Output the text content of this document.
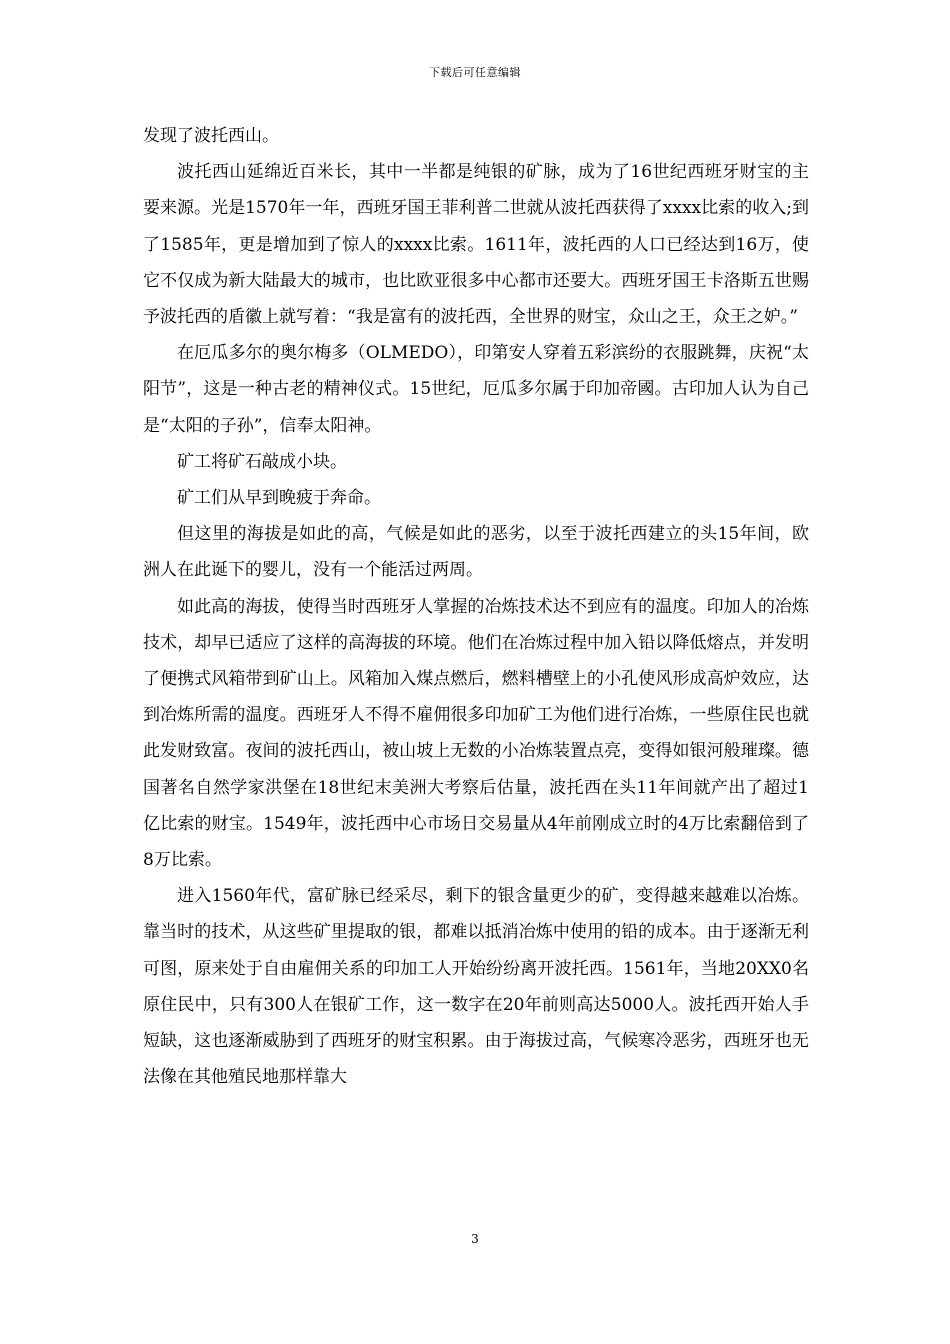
下载后可任意编辑

发现了波托西山。

波托西山延绵近百米长，其中一半都是纯银的矿脉，成为了16世纪西班牙财宝的主要来源。光是1570年一年，西班牙国王菲利普二世就从波托西获得了xxxx比索的收入;到了1585年，更是增加到了惊人的xxxx比索。1611年，波托西的人口已经达到16万，使它不仅成为新大陆最大的城市，也比欧亚很多中心都市还要大。西班牙国王卡洛斯五世赐予波托西的盾徽上就写着：“我是富有的波托西，全世界的财宝，众山之王，众王之妒。”

在厄瓜多尔的奥尔梅多（OLMEDO），印第安人穿着五彩滨纷的衣服跳舞，庆祝“太阳节”，这是一种古老的精神仪式。15世纪，厄瓜多尔属于印加帝國。古印加人认为自己是“太阳的子孙”，信奉太阳神。

矿工将矿石敲成小块。

矿工们从早到晚疲于奔命。

但这里的海拔是如此的高，气候是如此的恶劣，以至于波托西建立的头15年间，欧洲人在此诞下的婴儿，没有一个能活过两周。

如此高的海拔，使得当时西班牙人掌握的冶炼技术达不到应有的温度。印加人的冶炼技术，却早已适应了这样的高海拔的环境。他们在冶炼过程中加入铅以降低熔点，并发明了便携式风箱带到矿山上。风箱加入煤点燃后，燃料槽壁上的小孔使风形成高炉效应，达到冶炼所需的温度。西班牙人不得不雇佣很多印加矿工为他们进行冶炼，一些原住民也就此发财致富。夜间的波托西山，被山坡上无数的小冶炼装置点亮，变得如银河般璀璨。德国著名自然学家洪堡在18世纪末美洲大考察后估量，波托西在头11年间就产出了超过1亿比索的财宝。1549年，波托西中心市场日交易量从4年前刚成立时的4万比索翻倍到了8万比索。

进入1560年代，富矿脉已经采尽，剩下的银含量更少的矿，变得越来越难以冶炼。靠当时的技术，从这些矿里提取的银，都难以抵消冶炼中使用的铅的成本。由于逐渐无利可图，原来处于自由雇佣关系的印加工人开始纷纷离开波托西。1561年，当地20XX0名原住民中，只有300人在银矿工作，这一数字在20年前则高达5000人。波托西开始人手短缺，这也逐渐威胁到了西班牙的财宝积累。由于海拔过高，气候寒冷恶劣，西班牙也无法像在其他殖民地那样靠大

3
